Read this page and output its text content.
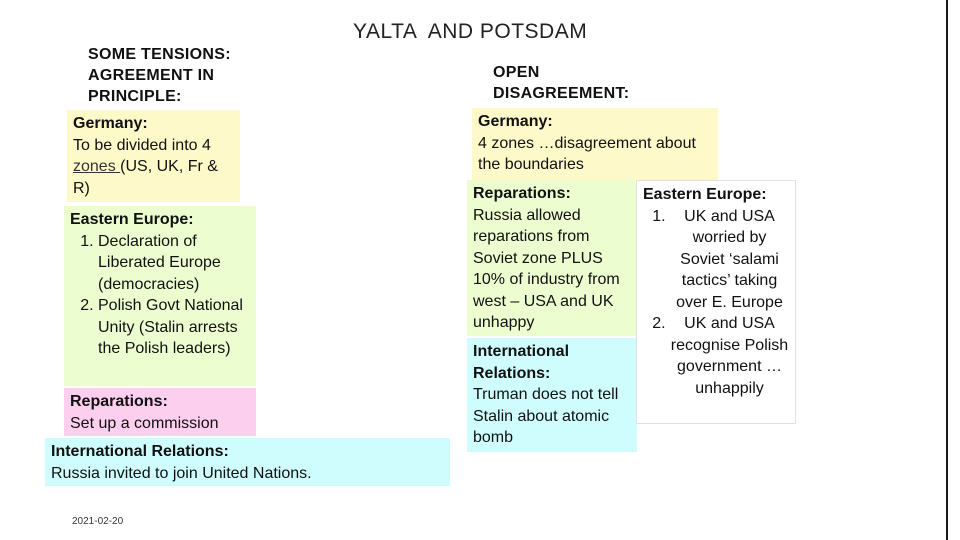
YALTA  AND POTSDAM
SOME TENSIONS:
AGREEMENT IN
PRINCIPLE:
Germany:
To be divided into 4
zones (US, UK, Fr &
R)
Eastern Europe:
1. Declaration of Liberated Europe (democracies)
2. Polish Govt National Unity (Stalin arrests the Polish leaders)
Reparations:
Set up a commission
International Relations:
Russia invited to join United Nations.
OPEN
DISAGREEMENT:
Germany:
4 zones …disagreement about the boundaries
Reparations:
Russia allowed reparations from Soviet zone PLUS 10% of industry from west – USA and UK unhappy
International Relations:
Truman does not tell Stalin about atomic bomb
Eastern Europe:
1. UK and USA worried by Soviet ‘salami tactics’ taking over E. Europe
2. UK and USA recognise Polish government … unhappily
2021-02-20
